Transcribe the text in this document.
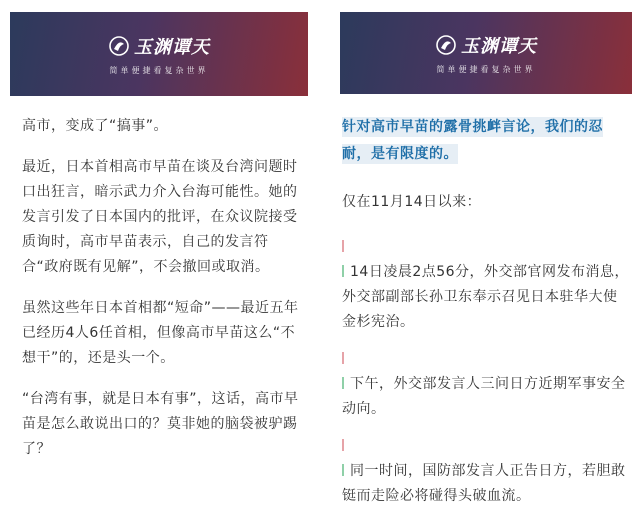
玉渊谭天
简单便捷看复杂世界

高市，变成了“搞事”。

最近，日本首相高市早苗在谈及台湾问题时口出狂言，暗示武力介入台海可能性。她的发言引发了日本国内的批评，在众议院接受质询时，高市早苗表示，自己的发言符合“政府既有见解”，不会撤回或取消。

虽然这些年日本首相都“短命”——最近五年已经历4人6任首相，但像高市早苗这么“不想干”的，还是头一个。

“台湾有事，就是日本有事”，这话，高市早苗是怎么敢说出口的？莫非她的脑袋被驴踢了？

玉渊谭天
简单便捷看复杂世界

针对高市早苗的露骨挑衅言论，我们的忍耐，是有限度的。

仅在11月14日以来：

14日凌晨2点56分，外交部官网发布消息，外交部副部长孙卫东奉示召见日本驻华大使金杉宪治。

下午，外交部发言人三问日方近期军事安全动向。

同一时间，国防部发言人正告日方，若胆敢铤而走险必将碰得头破血流。
